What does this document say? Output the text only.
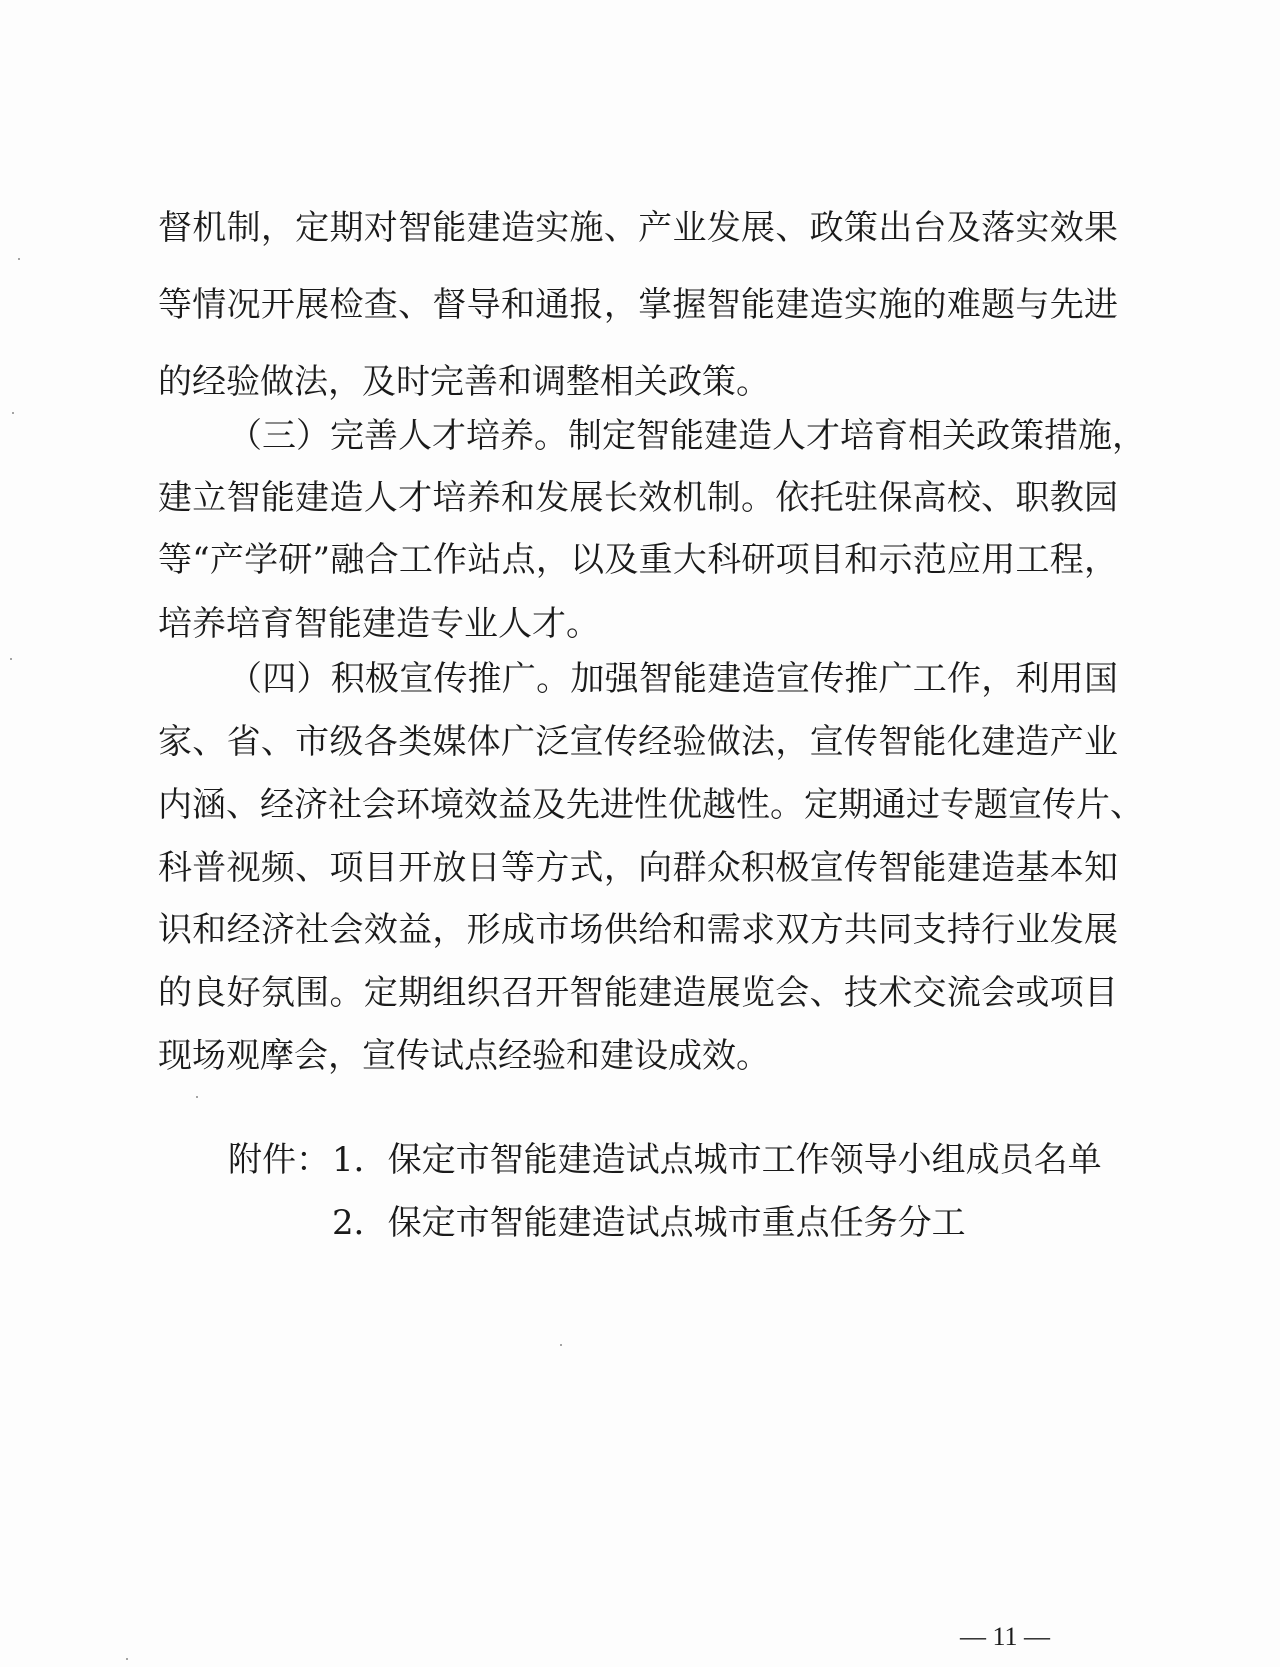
督机制，定期对智能建造实施、产业发展、政策出台及落实效果
等情况开展检查、督导和通报，掌握智能建造实施的难题与先进
的经验做法，及时完善和调整相关政策。
（三）完善人才培养。制定智能建造人才培育相关政策措施，
建立智能建造人才培养和发展长效机制。依托驻保高校、职教园
等“产学研”融合工作站点，以及重大科研项目和示范应用工程，
培养培育智能建造专业人才。
（四）积极宣传推广。加强智能建造宣传推广工作，利用国
家、省、市级各类媒体广泛宣传经验做法，宣传智能化建造产业
内涵、经济社会环境效益及先进性优越性。定期通过专题宣传片、
科普视频、项目开放日等方式，向群众积极宣传智能建造基本知
识和经济社会效益，形成市场供给和需求双方共同支持行业发展
的良好氛围。定期组织召开智能建造展览会、技术交流会或项目
现场观摩会，宣传试点经验和建设成效。
附件： 1．保定市智能建造试点城市工作领导小组成员名单
2．保定市智能建造试点城市重点任务分工
— 11 —
